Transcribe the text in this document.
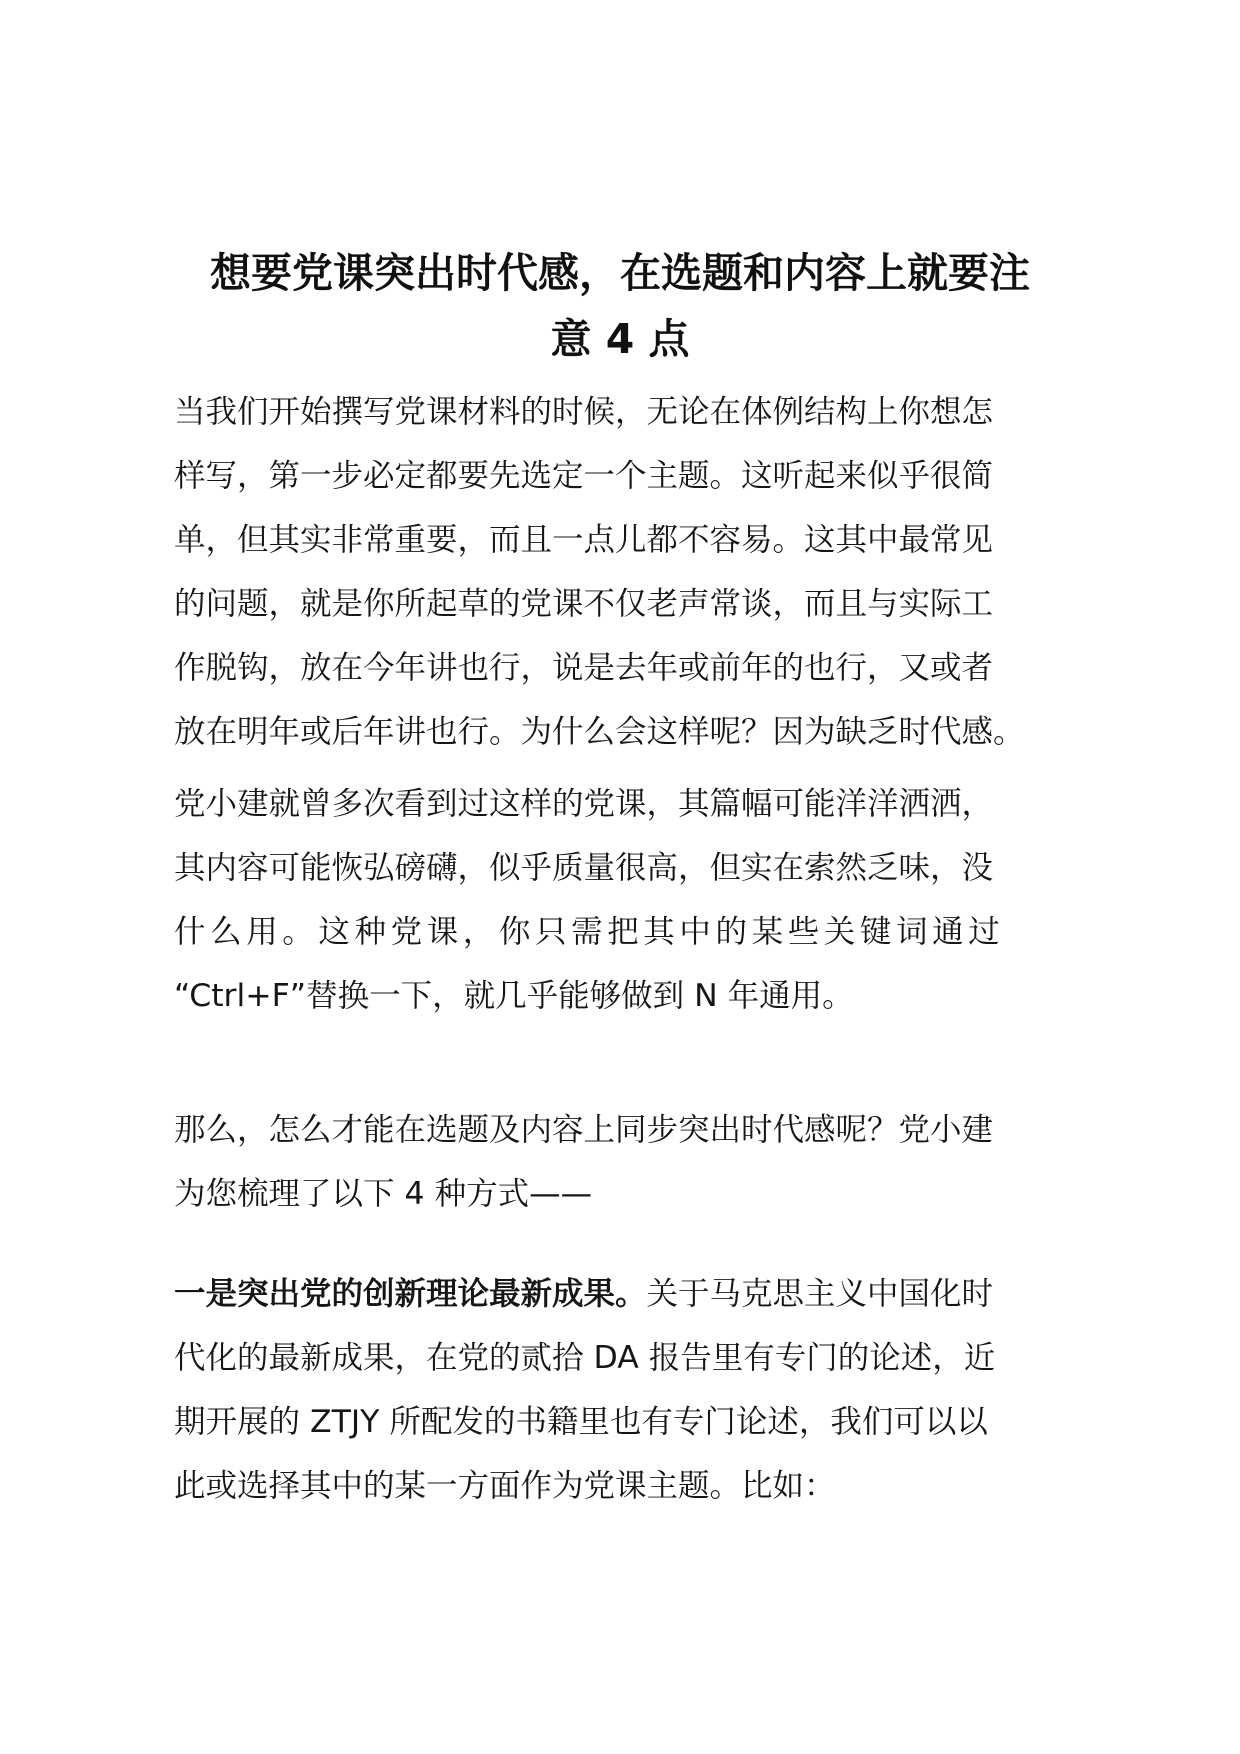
想要党课突出时代感，在选题和内容上就要注
意 4 点
当我们开始撰写党课材料的时候，无论在体例结构上你想怎
样写，第一步必定都要先选定一个主题。这听起来似乎很简
单，但其实非常重要，而且一点儿都不容易。这其中最常见
的问题，就是你所起草的党课不仅老声常谈，而且与实际工
作脱钩，放在今年讲也行，说是去年或前年的也行，又或者
放在明年或后年讲也行。为什么会这样呢？因为缺乏时代感。
党小建就曾多次看到过这样的党课，其篇幅可能洋洋洒洒，
其内容可能恢弘磅礴，似乎质量很高，但实在索然乏味，没
什么用。这种党课，你只需把其中的某些关键词通过
“Ctrl+F”替换一下，就几乎能够做到 N 年通用。
那么，怎么才能在选题及内容上同步突出时代感呢？党小建
为您梳理了以下 4 种方式——
一是突出党的创新理论最新成果。关于马克思主义中国化时
代化的最新成果，在党的贰拾 DA 报告里有专门的论述，近
期开展的 ZTJY 所配发的书籍里也有专门论述，我们可以以
此或选择其中的某一方面作为党课主题。比如：
